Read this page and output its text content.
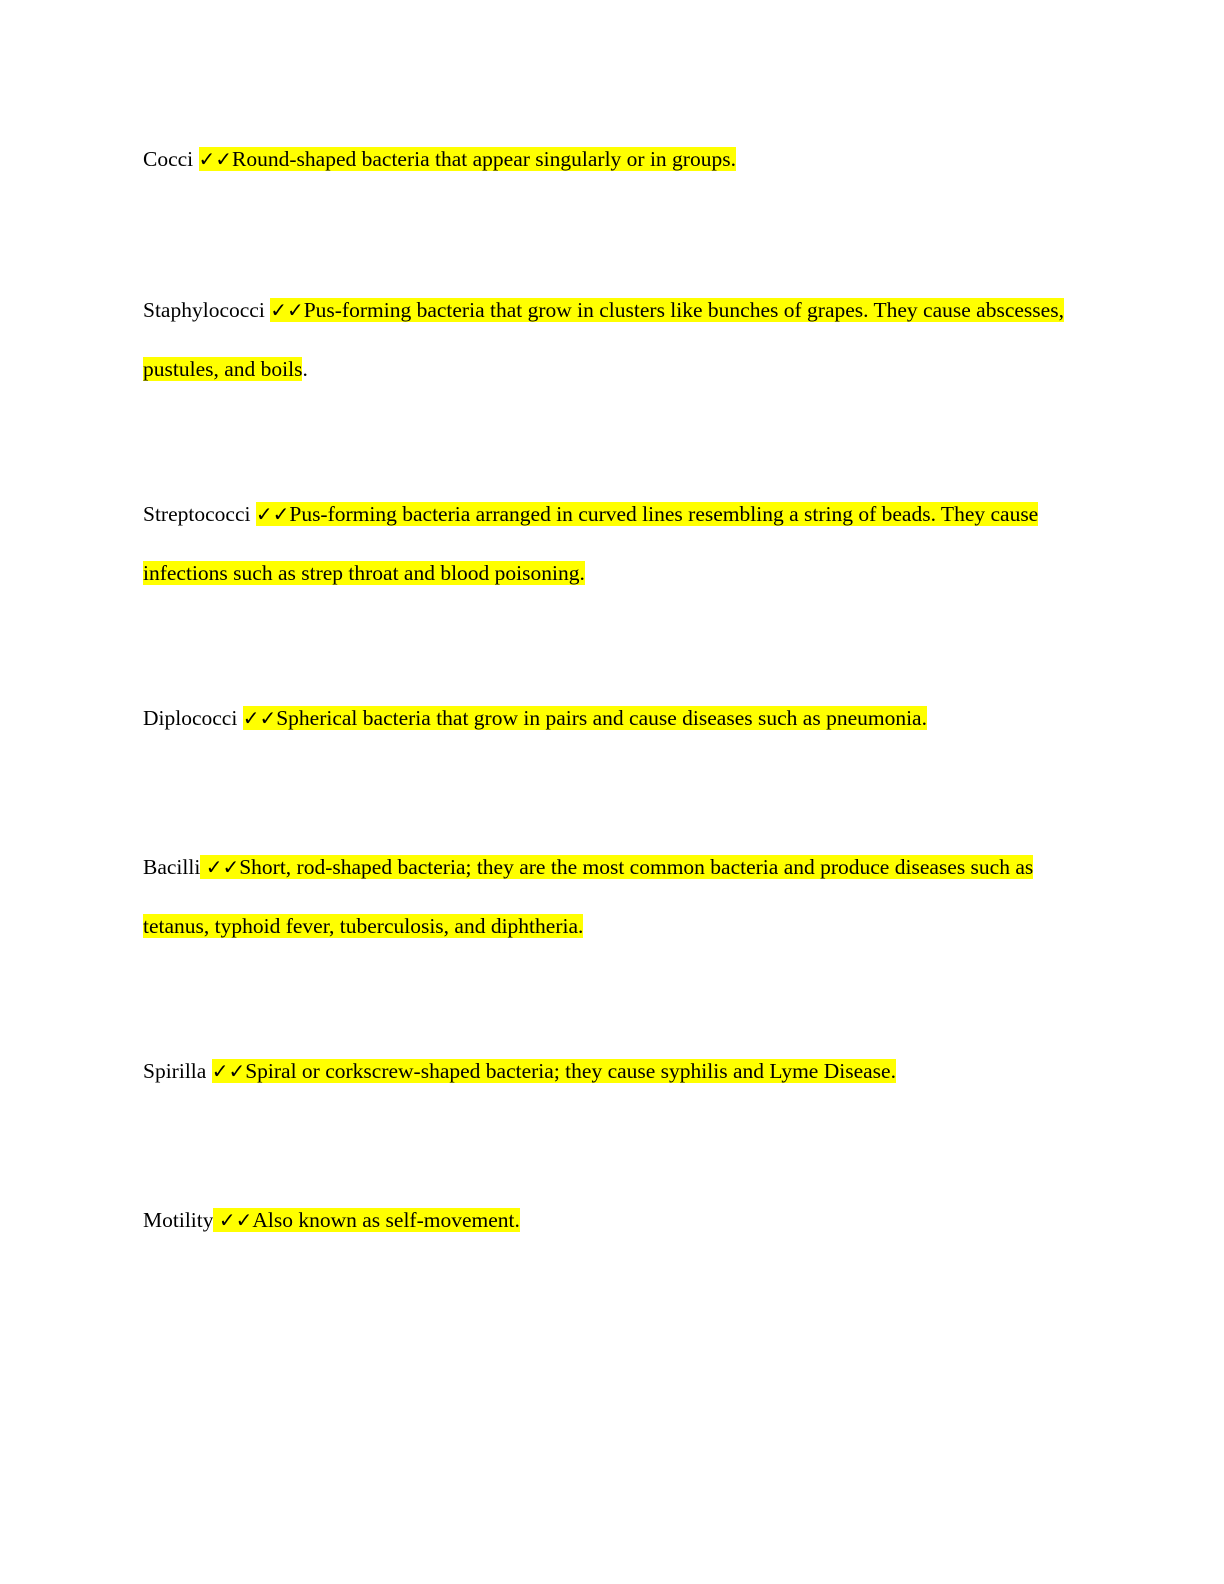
Cocci ✓✓Round-shaped bacteria that appear singularly or in groups.

Staphylococci ✓✓Pus-forming bacteria that grow in clusters like bunches of grapes. They cause abscesses, pustules, and boils.

Streptococci ✓✓Pus-forming bacteria arranged in curved lines resembling a string of beads. They cause infections such as strep throat and blood poisoning.

Diplococci ✓✓Spherical bacteria that grow in pairs and cause diseases such as pneumonia.

Bacilli ✓✓Short, rod-shaped bacteria; they are the most common bacteria and produce diseases such as tetanus, typhoid fever, tuberculosis, and diphtheria.

Spirilla ✓✓Spiral or corkscrew-shaped bacteria; they cause syphilis and Lyme Disease.

Motility ✓✓Also known as self-movement.
